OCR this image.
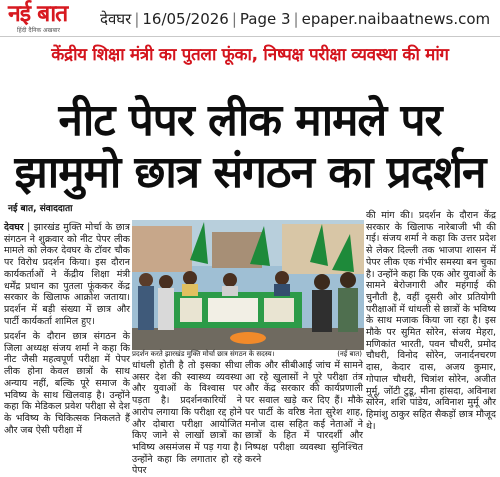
नई बात
हिंदी दैनिक अखबार
देवघर | 16/05/2026 | Page 3 | epaper.naibaatnews.com
केंद्रीय शिक्षा मंत्री का पुतला फूंका, निष्पक्ष परीक्षा व्यवस्था की मांग
नीट पेपर लीक मामले पर
झामुमो छात्र संगठन का प्रदर्शन
नई बात, संवाददाता

देवघर | झारखंड मुक्ति मोर्चा के छात्र संगठन ने शुक्रवार को नीट पेपर लीक मामले को लेकर देवघर के टॉवर चौक पर विरोध प्रदर्शन किया। इस दौरान कार्यकर्ताओं ने केंद्रीय शिक्षा मंत्री धर्मेंद्र प्रधान का पुतला फूंककर केंद्र सरकार के खिलाफ आक्रोश जताया। प्रदर्शन में बड़ी संख्या में छात्र और पार्टी कार्यकर्ता शामिल हुए।

प्रदर्शन के दौरान छात्र संगठन के जिला अध्यक्ष संजय शर्मा ने कहा कि नीट जैसी महत्वपूर्ण परीक्षा में पेपर लीक होना केवल छात्रों के साथ अन्याय नहीं, बल्कि पूरे समाज के भविष्य के साथ खिलवाड़ है। उन्होंने कहा कि मेडिकल प्रवेश परीक्षा से देश के भविष्य के चिकित्सक निकलते हैं और जब ऐसी परीक्षा में

प्रदर्शन करते झारखंड मुक्ति मोर्चा छात्र संगठन के सदस्य।	(नई बात)

धांधली होती है तो इसका सीधा असर देश की स्वास्थ्य व्यवस्था और युवाओं के विश्वास पर पड़ता है। प्रदर्शनकारियों ने आरोप लगाया कि परीक्षा रद्द होने और दोबारा परीक्षा आयोजित किए जाने से लाखों छात्रों का भविष्य असमंजस में पड़ गया है। उन्होंने कहा कि लगातार हो रहे पेपर

लीक और सीबीआई जांच में सामने आ रहे खुलासों ने पूरे परीक्षा तंत्र और केंद्र सरकार की कार्यप्रणाली पर सवाल खड़े कर दिए हैं। मौके पर पार्टी के वरिष्ठ नेता सुरेश शाह, मनोज दास सहित कई नेताओं ने छात्रों के हित में पारदर्शी और निष्पक्ष परीक्षा व्यवस्था सुनिश्चित करने

की मांग की। प्रदर्शन के दौरान केंद्र सरकार के खिलाफ नारेबाजी भी की गई। संजय शर्मा ने कहा कि उत्तर प्रदेश से लेकर दिल्ली तक भाजपा शासन में पेपर लीक एक गंभीर समस्या बन चुका है। उन्होंने कहा कि एक ओर युवाओं के सामने बेरोजगारी और महंगाई की चुनौती है, वहीं दूसरी ओर प्रतियोगी परीक्षाओं में धांधली से छात्रों के भविष्य के साथ मजाक किया जा रहा है। इस मौके पर सुमित सोरेन, संजय मेहरा, मणिकांत भारती, पवन चौधरी, प्रमोद चौधरी, विनोद सोरेन, जनार्दनचरण दास, केदार दास, अजय कुमार, गोपाल चौधरी, चित्रांश सोरेन, अजीत मुर्मू, जोंटी टुडू, मीना हांसदा, अविनाश सोरेन, शशि पांडेय, अविनाश मुर्मू और हिमांशु ठाकुर सहित सैकड़ों छात्र मौजूद थे।
